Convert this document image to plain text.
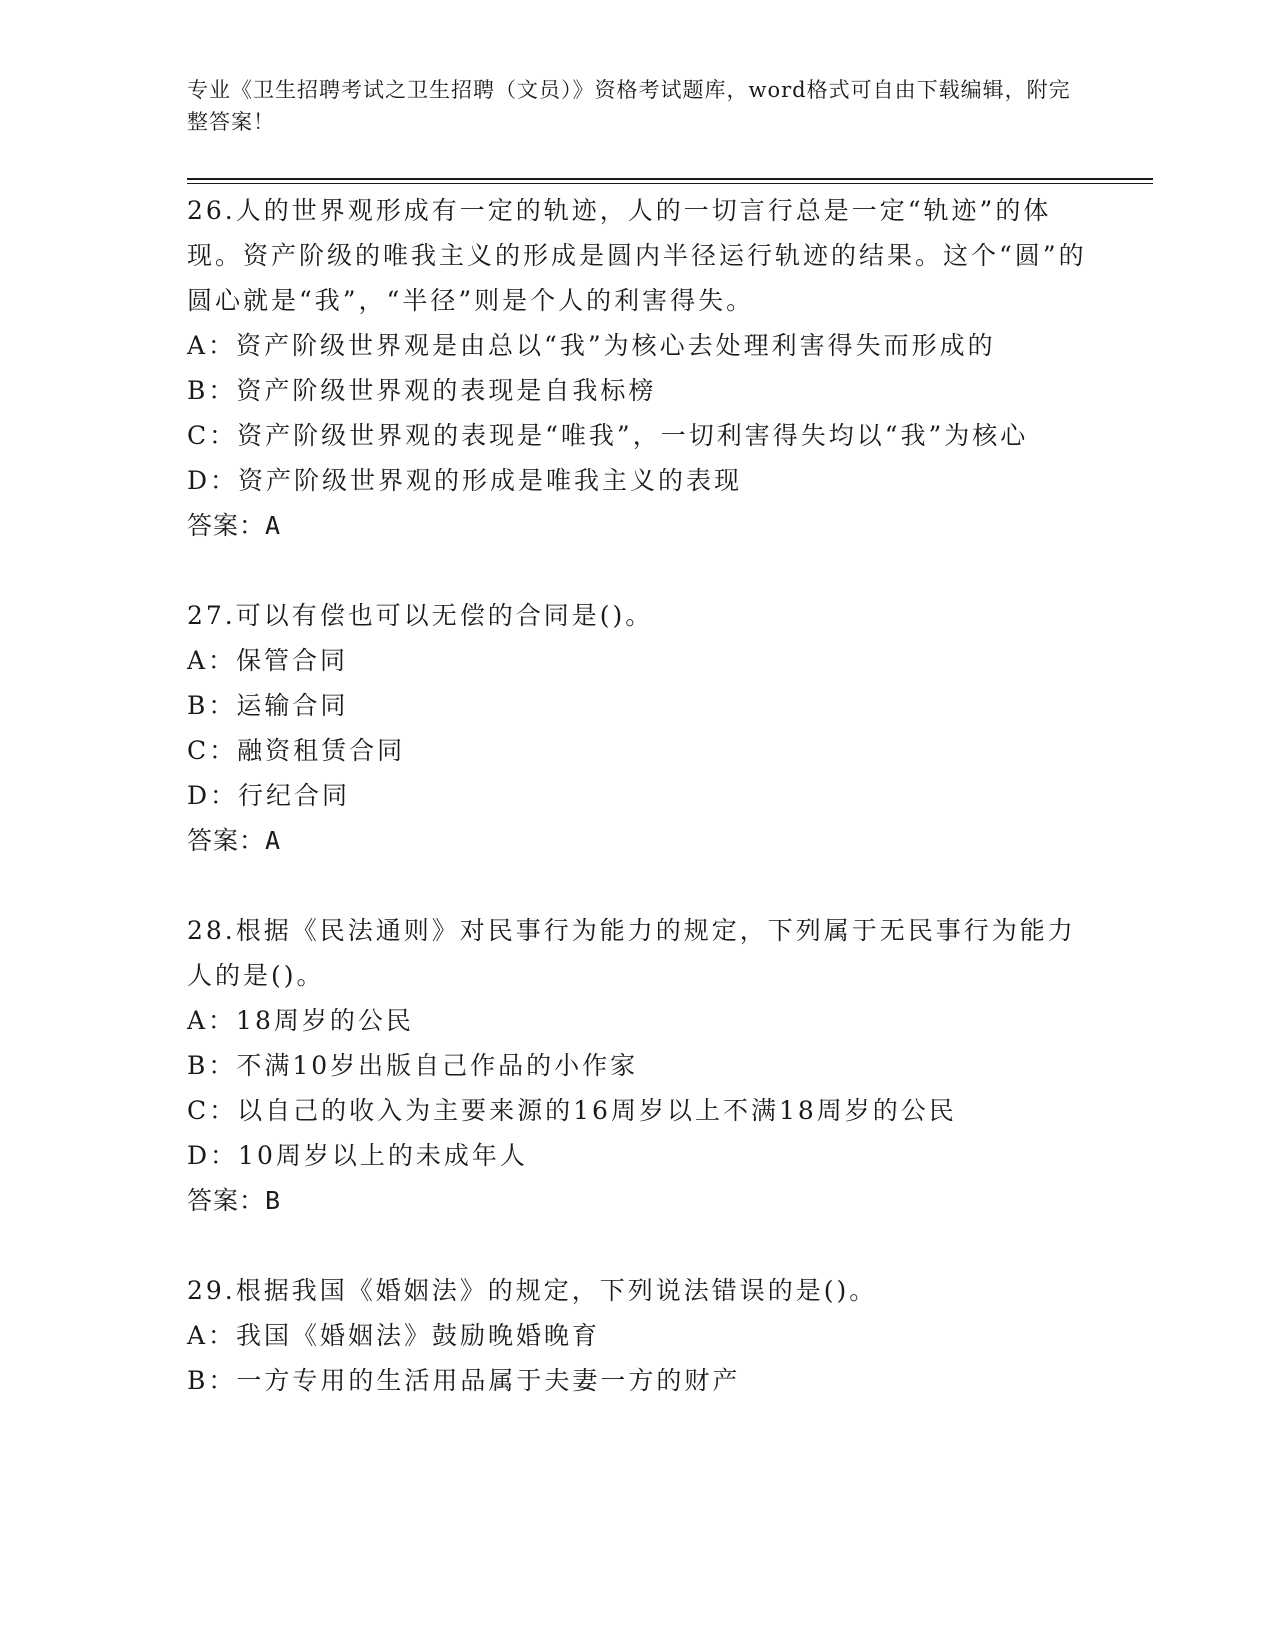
专业《卫生招聘考试之卫生招聘（文员）》资格考试题库，word格式可自由下载编辑，附完整答案！

26.人的世界观形成有一定的轨迹，人的一切言行总是一定“轨迹”的体现。资产阶级的唯我主义的形成是圆内半径运行轨迹的结果。这个“圆”的圆心就是“我”，“半径”则是个人的利害得失。

A：资产阶级世界观是由总以“我”为核心去处理利害得失而形成的

B：资产阶级世界观的表现是自我标榜

C：资产阶级世界观的表现是“唯我”，一切利害得失均以“我”为核心

D：资产阶级世界观的形成是唯我主义的表现

答案：A

27.可以有偿也可以无偿的合同是()。

A：保管合同

B：运输合同

C：融资租赁合同

D：行纪合同

答案：A

28.根据《民法通则》对民事行为能力的规定，下列属于无民事行为能力人的是()。

A：18周岁的公民

B：不满10岁出版自己作品的小作家

C：以自己的收入为主要来源的16周岁以上不满18周岁的公民

D：10周岁以上的未成年人

答案：B

29.根据我国《婚姻法》的规定，下列说法错误的是()。

A：我国《婚姻法》鼓励晚婚晚育

B：一方专用的生活用品属于夫妻一方的财产
